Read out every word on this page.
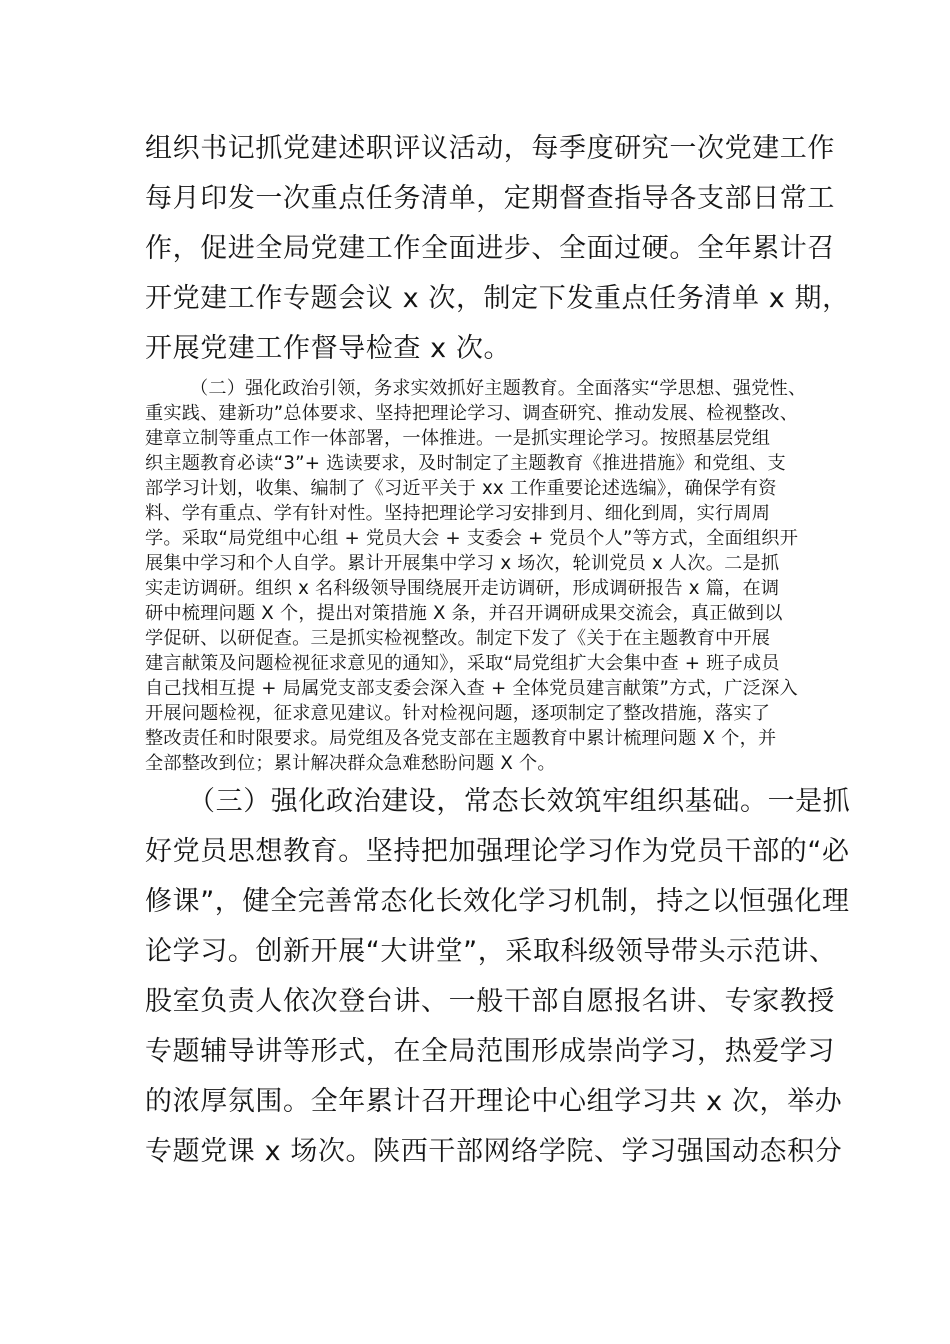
组织书记抓党建述职评议活动，每季度研究一次党建工作
每月印发一次重点任务清单，定期督查指导各支部日常工
作，促进全局党建工作全面进步、全面过硬。全年累计召
开党建工作专题会议 x 次，制定下发重点任务清单 x 期，
开展党建工作督导检查 x 次。
（二）强化政治引领，务求实效抓好主题教育。全面落实“学思想、强党性、
重实践、建新功”总体要求、坚持把理论学习、调查研究、推动发展、检视整改、
建章立制等重点工作一体部署，一体推进。一是抓实理论学习。按照基层党组
织主题教育必读“3”+ 选读要求，及时制定了主题教育《推进措施》和党组、支
部学习计划，收集、编制了《习近平关于 xx 工作重要论述选编》，确保学有资
料、学有重点、学有针对性。坚持把理论学习安排到月、细化到周，实行周周
学。采取“局党组中心组 + 党员大会 + 支委会 + 党员个人”等方式，全面组织开
展集中学习和个人自学。累计开展集中学习 x 场次，轮训党员 x 人次。二是抓
实走访调研。组织 x 名科级领导围绕展开走访调研，形成调研报告 x 篇，在调
研中梳理问题 X 个，提出对策措施 X 条，并召开调研成果交流会，真正做到以
学促研、以研促查。三是抓实检视整改。制定下发了《关于在主题教育中开展
建言献策及问题检视征求意见的通知》，采取“局党组扩大会集中查 + 班子成员
自己找相互提 + 局属党支部支委会深入查 + 全体党员建言献策”方式，广泛深入
开展问题检视，征求意见建议。针对检视问题，逐项制定了整改措施，落实了
整改责任和时限要求。局党组及各党支部在主题教育中累计梳理问题 X 个，并
全部整改到位；累计解决群众急难愁盼问题 X 个。
（三）强化政治建设，常态长效筑牢组织基础。一是抓
好党员思想教育。坚持把加强理论学习作为党员干部的“必
修课”，健全完善常态化长效化学习机制，持之以恒强化理
论学习。创新开展“大讲堂”，采取科级领导带头示范讲、
股室负责人依次登台讲、一般干部自愿报名讲、专家教授
专题辅导讲等形式，在全局范围形成崇尚学习，热爱学习
的浓厚氛围。全年累计召开理论中心组学习共 x 次，举办
专题党课 x 场次。陕西干部网络学院、学习强国动态积分
